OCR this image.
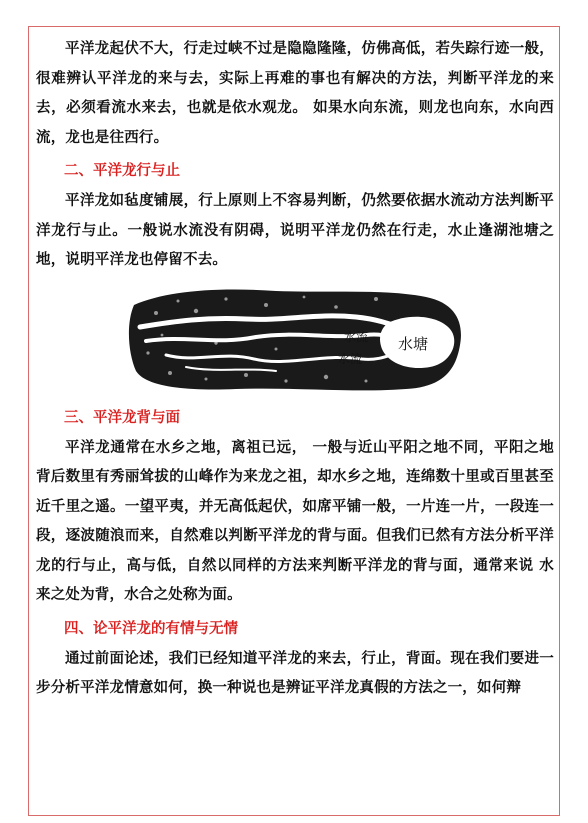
平洋龙起伏不大，行走过峡不过是隐隐隆隆，仿佛高低，若失踪行迹一般，很难辨认平洋龙的来与去，实际上再难的事也有解决的方法，判断平洋龙的来去，必须看流水来去，也就是依水观龙。 如果水向东流，则龙也向东，水向西流，龙也是往西行。

二、平洋龙行与止

平洋龙如毡度铺展，行上原则上不容易判断，仍然要依据水流动方法判断平洋龙行与止。一般说水流没有阴碍，说明平洋龙仍然在行走，水止逢湖池塘之地，说明平洋龙也停留不去。

水流
水流
水塘
三、平洋龙背与面

平洋龙通常在水乡之地，离祖已远， 一般与近山平阳之地不同，平阳之地背后数里有秀丽耸拔的山峰作为来龙之祖，却水乡之地，连绵数十里或百里甚至近千里之遥。一望平夷，并无高低起伏，如席平铺一般，一片连一片，一段连一段，逐波随浪而来，自然难以判断平洋龙的背与面。但我们已然有方法分析平洋龙的行与止，高与低，自然以同样的方法来判断平洋龙的背与面，通常来说 水来之处为背，水合之处称为面。

四、论平洋龙的有情与无情

通过前面论述，我们已经知道平洋龙的来去，行止，背面。现在我们要进一步分析平洋龙情意如何，换一种说也是辨证平洋龙真假的方法之一，如何辩
